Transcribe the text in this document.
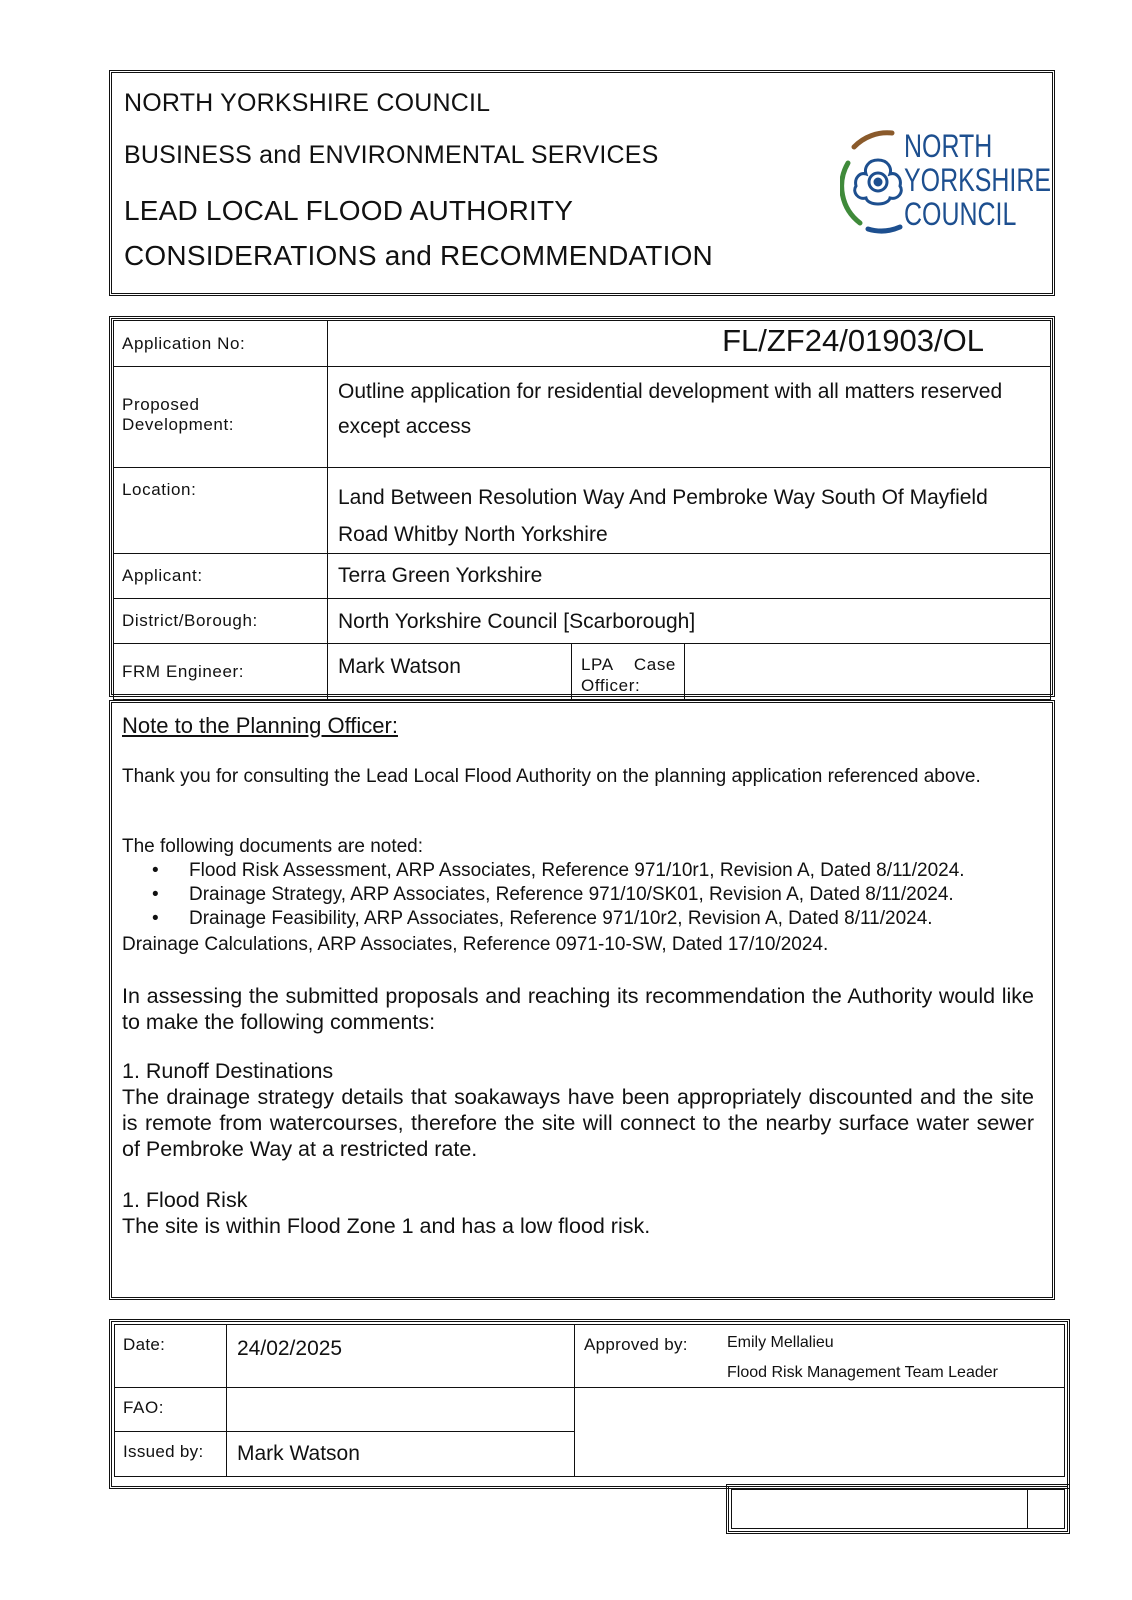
NORTH YORKSHIRE COUNCIL
BUSINESS and ENVIRONMENTAL SERVICES
LEAD LOCAL FLOOD AUTHORITY
CONSIDERATIONS and RECOMMENDATION
NORTH
YORKSHIRE
COUNCIL
Application No:	FL/ZF24/01903/OL		

Proposed Development:	Outline application for residential development with all matters reserved
except access		

Location:	Land Between Resolution Way And Pembroke Way South Of Mayfield
Road Whitby North Yorkshire		

Applicant:	Terra Green Yorkshire		

District/Borough:	North Yorkshire Council [Scarborough]		

FRM Engineer:	Mark Watson	LPA Case Officer:	

Note to the Planning Officer:
Thank you for consulting the Lead Local Flood Authority on the planning application referenced above.
The following documents are noted:
• Flood Risk Assessment, ARP Associates, Reference 971/10r1, Revision A, Dated 8/11/2024.
• Drainage Strategy, ARP Associates, Reference 971/10/SK01, Revision A, Dated 8/11/2024.
• Drainage Feasibility, ARP Associates, Reference 971/10r2, Revision A, Dated 8/11/2024.
Drainage Calculations, ARP Associates, Reference 0971-10-SW, Dated 17/10/2024.
In assessing the submitted proposals and reaching its recommendation the Authority would like to make the following comments:
1. Runoff Destinations
The drainage strategy details that soakaways have been appropriately discounted and the site is remote from watercourses, therefore the site will connect to the nearby surface water sewer of Pembroke Way at a restricted rate.
1. Flood Risk
The site is within Flood Zone 1 and has a low flood risk.
Date:	24/02/2025	Approved by: Emily Mellalieu
Flood Risk Management Team Leader

FAO:		

Issued by:	Mark Watson	
